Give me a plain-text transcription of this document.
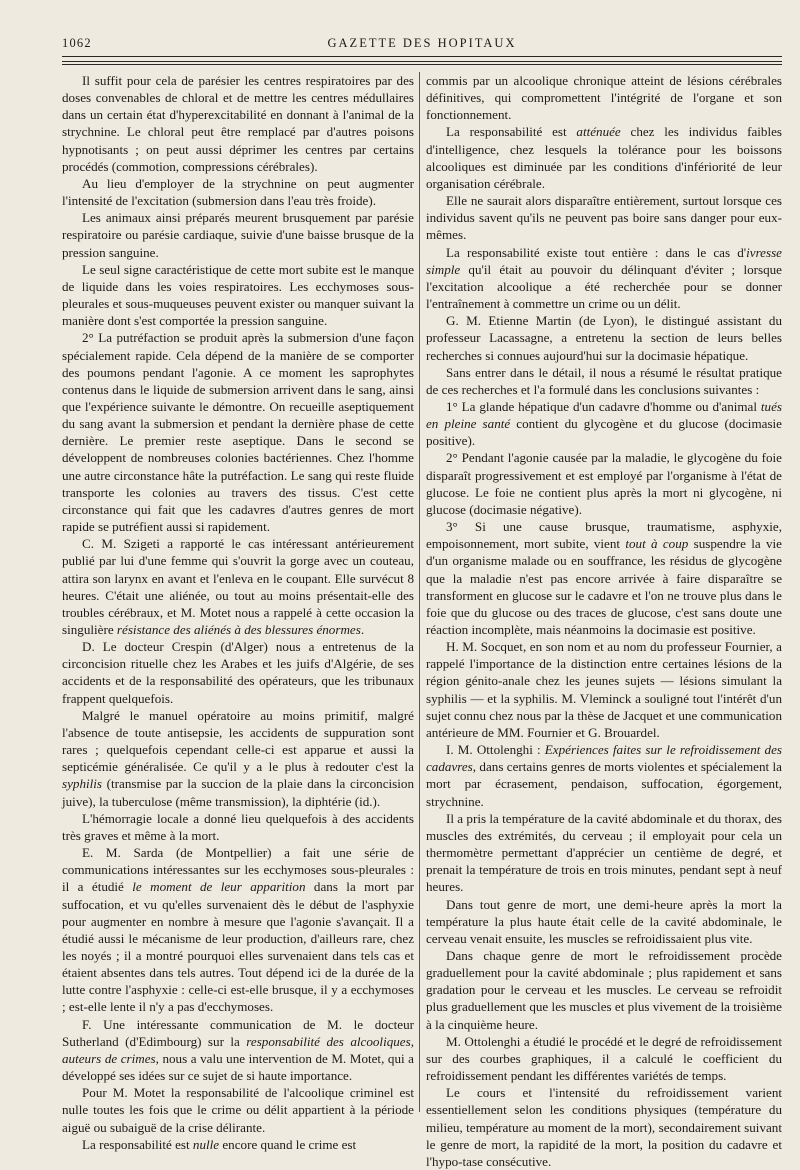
1062	GAZETTE DES HOPITAUX

Il suffit pour cela de parésier les centres respiratoires par des doses convenables de chloral et de mettre les centres médullaires dans un certain état d'hyperexcitabilité en donnant à l'animal de la strychnine. Le chloral peut être remplacé par d'autres poisons hypnotisants ; on peut aussi déprimer les centres par certains procédés (commotion, compressions cérébrales).

Au lieu d'employer de la strychnine on peut augmenter l'intensité de l'excitation (submersion dans l'eau très froide).

Les animaux ainsi préparés meurent brusquement par parésie respiratoire ou parésie cardiaque, suivie d'une baisse brusque de la pression sanguine.

Le seul signe caractéristique de cette mort subite est le manque de liquide dans les voies respiratoires. Les ecchymoses sous-pleurales et sous-muqueuses peuvent exister ou manquer suivant la manière dont s'est comportée la pression sanguine.

2° La putréfaction se produit après la submersion d'une façon spécialement rapide. Cela dépend de la manière de se comporter des poumons pendant l'agonie. A ce moment les saprophytes contenus dans le liquide de submersion arrivent dans le sang, ainsi que l'expérience suivante le démontre. On recueille aseptiquement du sang avant la submersion et pendant la dernière phase de cette dernière. Le premier reste aseptique. Dans le second se développent de nombreuses colonies bactériennes. Chez l'homme une autre circonstance hâte la putréfaction. Le sang qui reste fluide transporte les colonies au travers des tissus. C'est cette circonstance qui fait que les cadavres d'autres genres de mort rapide se putréfient aussi si rapidement.

C. M. Szigeti a rapporté le cas intéressant antérieurement publié par lui d'une femme qui s'ouvrit la gorge avec un couteau, attira son larynx en avant et l'enleva en le coupant. Elle survécut 8 heures. C'était une aliénée, ou tout au moins présentait-elle des troubles cérébraux, et M. Motet nous a rappelé à cette occasion la singulière résistance des aliénés à des blessures énormes.

D. Le docteur Crespin (d'Alger) nous a entretenus de la circoncision rituelle chez les Arabes et les juifs d'Algérie, de ses accidents et de la responsabilité des opérateurs, que les tribunaux frappent quelquefois.

Malgré le manuel opératoire au moins primitif, malgré l'absence de toute antisepsie, les accidents de suppuration sont rares ; quelquefois cependant celle-ci est apparue et aussi la septicémie généralisée. Ce qu'il y a le plus à redouter c'est la syphilis (transmise par la succion de la plaie dans la circoncision juive), la tuberculose (même transmission), la diphtérie (id.).

L'hémorragie locale a donné lieu quelquefois à des accidents très graves et même à la mort.

E. M. Sarda (de Montpellier) a fait une série de communications intéressantes sur les ecchymoses sous-pleurales : il a étudié le moment de leur apparition dans la mort par suffocation, et vu qu'elles survenaient dès le début de l'asphyxie pour augmenter en nombre à mesure que l'agonie s'avançait. Il a étudié aussi le mécanisme de leur production, d'ailleurs rare, chez les noyés ; il a montré pourquoi elles survenaient dans tels cas et étaient absentes dans tels autres. Tout dépend ici de la durée de la lutte contre l'asphyxie : celle-ci est-elle brusque, il y a ecchymoses ; est-elle lente il n'y a pas d'ecchymoses.

F. Une intéressante communication de M. le docteur Sutherland (d'Edimbourg) sur la responsabilité des alcooliques, auteurs de crimes, nous a valu une intervention de M. Motet, qui a développé ses idées sur ce sujet de si haute importance.

Pour M. Motet la responsabilité de l'alcoolique criminel est nulle toutes les fois que le crime ou délit appartient à la période aiguë ou subaiguë de la crise délirante.

La responsabilité est nulle encore quand le crime est

commis par un alcoolique chronique atteint de lésions cérébrales définitives, qui compromettent l'intégrité de l'organe et son fonctionnement.

La responsabilité est atténuée chez les individus faibles d'intelligence, chez lesquels la tolérance pour les boissons alcooliques est diminuée par les conditions d'infériorité de leur organisation cérébrale.

Elle ne saurait alors disparaître entièrement, surtout lorsque ces individus savent qu'ils ne peuvent pas boire sans danger pour eux-mêmes.

La responsabilité existe tout entière : dans le cas d'ivresse simple qu'il était au pouvoir du délinquant d'éviter ; lorsque l'excitation alcoolique a été recherchée pour se donner l'entraînement à commettre un crime ou un délit.

G. M. Etienne Martin (de Lyon), le distingué assistant du professeur Lacassagne, a entretenu la section de leurs belles recherches si connues aujourd'hui sur la docimasie hépatique.

Sans entrer dans le détail, il nous a résumé le résultat pratique de ces recherches et l'a formulé dans les conclusions suivantes :

1° La glande hépatique d'un cadavre d'homme ou d'animal tués en pleine santé contient du glycogène et du glucose (docimasie positive).

2° Pendant l'agonie causée par la maladie, le glycogène du foie disparaît progressivement et est employé par l'organisme à l'état de glucose. Le foie ne contient plus après la mort ni glycogène, ni glucose (docimasie négative).

3° Si une cause brusque, traumatisme, asphyxie, empoisonnement, mort subite, vient tout à coup suspendre la vie d'un organisme malade ou en souffrance, les résidus de glycogène que la maladie n'est pas encore arrivée à faire disparaître se transforment en glucose sur le cadavre et l'on ne trouve plus dans le foie que du glucose ou des traces de glucose, c'est sans doute une réaction incomplète, mais néanmoins la docimasie est positive.

H. M. Socquet, en son nom et au nom du professeur Fournier, a rappelé l'importance de la distinction entre certaines lésions de la région génito-anale chez les jeunes sujets — lésions simulant la syphilis — et la syphilis. M. Vleminck a souligné tout l'intérêt d'un sujet connu chez nous par la thèse de Jacquet et une communication antérieure de MM. Fournier et G. Brouardel.

I. M. Ottolenghi : Expériences faites sur le refroidissement des cadavres, dans certains genres de morts violentes et spécialement la mort par écrasement, pendaison, suffocation, égorgement, strychnine.

Il a pris la température de la cavité abdominale et du thorax, des muscles des extrémités, du cerveau ; il employait pour cela un thermomètre permettant d'apprécier un centième de degré, et prenait la température de trois en trois minutes, pendant sept à neuf heures.

Dans tout genre de mort, une demi-heure après la mort la température la plus haute était celle de la cavité abdominale, le cerveau venait ensuite, les muscles se refroidissaient plus vite.

Dans chaque genre de mort le refroidissement procède graduellement pour la cavité abdominale ; plus rapidement et sans gradation pour le cerveau et les muscles. Le cerveau se refroidit plus graduellement que les muscles et plus vivement de la troisième à la cinquième heure.

M. Ottolenghi a étudié le procédé et le degré de refroidissement sur des courbes graphiques, il a calculé le coefficient du refroidissement pendant les différentes variétés de temps.

Le cours et l'intensité du refroidissement varient essentiellement selon les conditions physiques (température du milieu, température au moment de la mort), secondairement suivant le genre de mort, la rapidité de la mort, la position du cadavre et l'hypo-tase consécutive.
